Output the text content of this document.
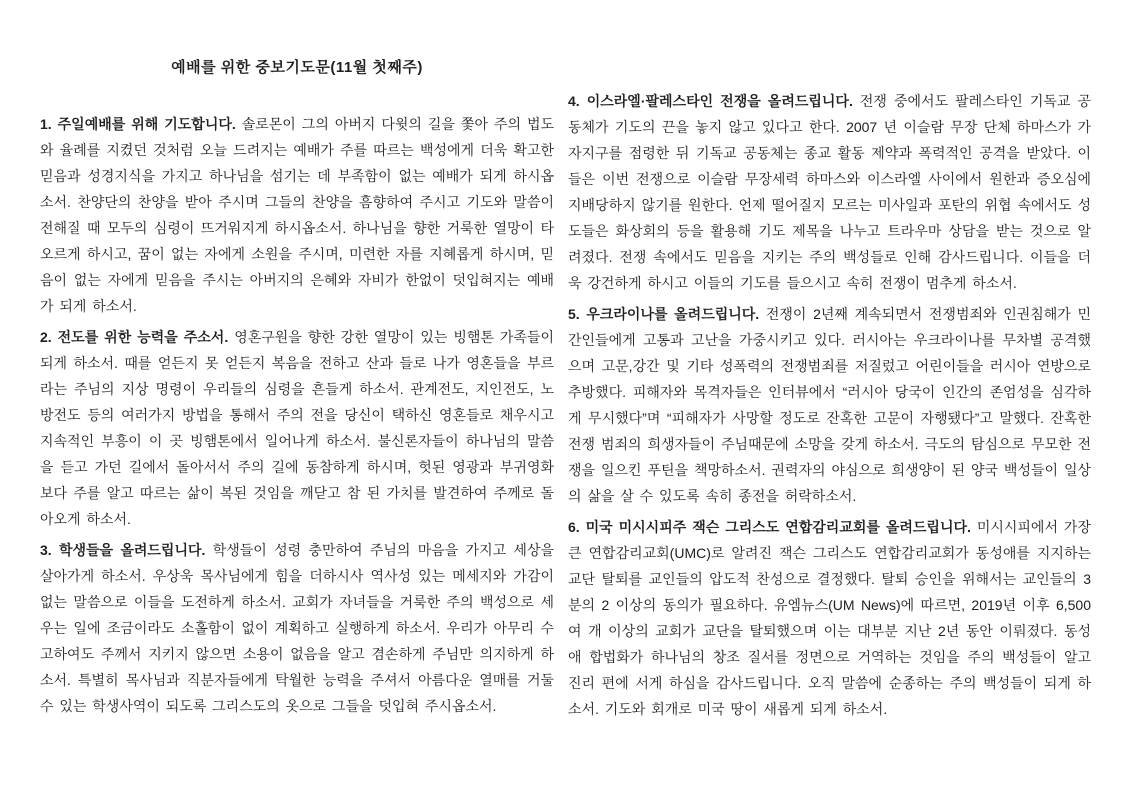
예배를 위한 중보기도문(11월 첫째주)

1. 주일예배를 위해 기도합니다. 솔로몬이 그의 아버지 다윗의 길을 쫓아 주의 법도와 율례를 지켰던 것처럼 오늘 드려지는 예배가 주를 따르는 백성에게 더욱 확고한 믿음과 성경지식을 가지고 하나님을 섬기는 데 부족함이 없는 예배가 되게 하시옵소서. 찬양단의 찬양을 받아 주시며 그들의 찬양을 흠향하여 주시고 기도와 말씀이 전해질 때 모두의 심령이 뜨거워지게 하시옵소서. 하나님을 향한 거룩한 열망이 타오르게 하시고, 꿈이 없는 자에게 소원을 주시며, 미련한 자를 지혜롭게 하시며, 믿음이 없는 자에게 믿음을 주시는 아버지의 은혜와 자비가 한없이 덧입혀지는 예배가 되게 하소서.

2. 전도를 위한 능력을 주소서. 영혼구원을 향한 강한 열망이 있는 빙햄톤 가족들이 되게 하소서. 때를 얻든지 못 얻든지 복음을 전하고 산과 들로 나가 영혼들을 부르라는 주님의 지상 명령이 우리들의 심령을 흔들게 하소서. 관계전도, 지인전도, 노방전도 등의 여러가지 방법을 통해서 주의 전을 당신이 택하신 영혼들로 채우시고 지속적인 부흥이 이 곳 빙햄톤에서 일어나게 하소서. 불신론자들이 하나님의 말씀을 듣고 가던 길에서 돌아서서 주의 길에 동참하게 하시며, 헛된 영광과 부귀영화보다 주를 알고 따르는 삶이 복된 것임을 깨닫고 참 된 가치를 발견하여 주께로 돌아오게 하소서.

3. 학생들을 올려드립니다. 학생들이 성령 충만하여 주님의 마음을 가지고 세상을 살아가게 하소서. 우상욱 목사님에게 힘을 더하시사 역사성 있는 메세지와 가감이 없는 말씀으로 이들을 도전하게 하소서. 교회가 자녀들을 거룩한 주의 백성으로 세우는 일에 조금이라도 소홀함이 없이 계획하고 실행하게 하소서. 우리가 아무리 수고하여도 주께서 지키지 않으면 소용이 없음을 알고 겸손하게 주님만 의지하게 하소서. 특별히 목사님과 직분자들에게 탁월한 능력을 주셔서 아름다운 열매를 거둘 수 있는 학생사역이 되도록 그리스도의 옷으로 그들을 덧입혀 주시옵소서.

4. 이스라엘·팔레스타인 전쟁을 올려드립니다. 전쟁 중에서도 팔레스타인 기독교 공동체가 기도의 끈을 놓지 않고 있다고 한다. 2007 년 이슬람 무장 단체 하마스가 가자지구를 점령한 뒤 기독교 공동체는 종교 활동 제약과 폭력적인 공격을 받았다. 이들은 이번 전쟁으로 이슬람 무장세력 하마스와 이스라엘 사이에서 원한과 증오심에 지배당하지 않기를 원한다. 언제 떨어질지 모르는 미사일과 포탄의 위협 속에서도 성도들은 화상회의 등을 활용해 기도 제목을 나누고 트라우마 상담을 받는 것으로 알려졌다. 전쟁 속에서도 믿음을 지키는 주의 백성들로 인해 감사드립니다. 이들을 더욱 강건하게 하시고 이들의 기도를 들으시고 속히 전쟁이 멈추게 하소서.

5. 우크라이나를 올려드립니다. 전쟁이 2년째 계속되면서 전쟁범죄와 인권침해가 민간인들에게 고통과 고난을 가중시키고 있다. 러시아는 우크라이나를 무차별 공격했으며 고문,강간 및 기타 성폭력의 전쟁범죄를 저질렀고 어린이들을 러시아 연방으로 추방했다. 피해자와 목격자들은 인터뷰에서 “러시아 당국이 인간의 존엄성을 심각하게 무시했다”며 “피해자가 사망할 정도로 잔혹한 고문이 자행됐다”고 말했다. 잔혹한 전쟁 범죄의 희생자들이 주님때문에 소망을 갖게 하소서. 극도의 탐심으로 무모한 전쟁을 일으킨 푸틴을 책망하소서. 권력자의 야심으로 희생양이 된 양국 백성들이 일상의 삶을 살 수 있도록 속히 종전을 허락하소서.

6. 미국 미시시피주 잭슨 그리스도 연합감리교회를 올려드립니다. 미시시피에서 가장 큰 연합감리교회(UMC)로 알려진 잭슨 그리스도 연합감리교회가 동성애를 지지하는 교단 탈퇴를 교인들의 압도적 찬성으로 결정했다. 탈퇴 승인을 위해서는 교인들의 3분의 2 이상의 동의가 필요하다. 유엠뉴스(UM News)에 따르면, 2019년 이후 6,500여 개 이상의 교회가 교단을 탈퇴했으며 이는 대부분 지난 2년 동안 이뤄졌다. 동성애 합법화가 하나님의 창조 질서를 정면으로 거역하는 것임을 주의 백성들이 알고 진리 편에 서게 하심을 감사드립니다. 오직 말씀에 순종하는 주의 백성들이 되게 하소서. 기도와 회개로 미국 땅이 새롭게 되게 하소서.
